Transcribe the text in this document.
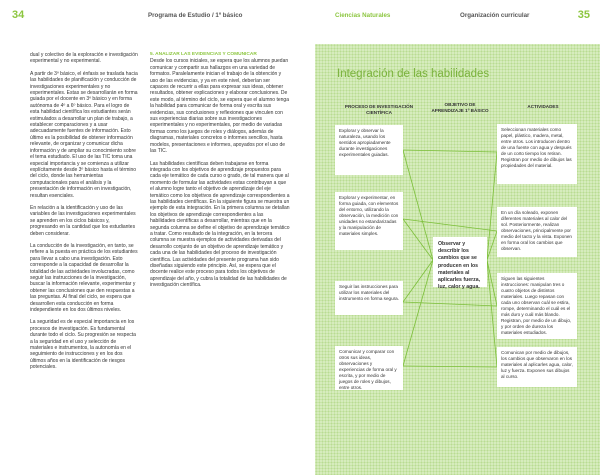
34	35
Programa de Estudio / 1º básico	Ciencias Naturales	Organización curricular

dual y colectivo de la exploración e investigación experimental y no experimental.

A partir de 3º básico, el énfasis se traslada hacia las habilidades de planificación y conducción de investigaciones experimentales y no experimentales. Estas se desarrollarán en forma guiada por el docente en 3º básico y en forma autónoma de 4º a 6º básico. Para el logro de esta habilidad científica los estudiantes serán estimulados a desarrollar un plan de trabajo, a establecer comparaciones y a usar adecuadamente fuentes de información. Esto último es la posibilidad de obtener información relevante, de organizar y comunicar dicha información y de ampliar su conocimiento sobre el tema estudiado. El uso de las TIC toma una especial importancia y se comienza a utilizar explícitamente desde 3º básico hasta el término del ciclo, donde las herramientas computacionales para el análisis y la presentación de información en investigación, resultan esenciales.

En relación a la identificación y uso de las variables de las investigaciones experimentales se aprenden en los ciclos básicos y, progresando en la cantidad que los estudiantes deben considerar.

La conducción de la investigación, en tanto, se refiere a la puesta en práctica de los estudiantes para llevar a cabo una investigación. Esto corresponde a la capacidad de desarrollar la totalidad de las actividades involucradas, como seguir las instrucciones de la investigación, buscar la información relevante, experimentar y obtener las conclusiones que den respuestas a las preguntas. Al final del ciclo, se espera que desarrollen esta conducción en forma independiente en los dos últimos niveles.

La seguridad es de especial importancia en los procesos de investigación. Es fundamental durante todo el ciclo. Su progresión se respecta a la seguridad en el uso y selección de materiales e instrumentos, la autonomía en el seguimiento de instrucciones y en los dos últimos años en la identificación de riesgos potenciales.

5. ANALIZAR LAS EVIDENCIAS Y COMUNICAR

Desde los cursos iniciales, se espera que los alumnos puedan comunicar y compartir sus hallazgos en una variedad de formatos. Paralelamente inician el trabajo de la obtención y uso de las evidencias, y ya en este nivel, deberían ser capaces de recurrir a ellas para expresar sus ideas, obtener resultados, obtener explicaciones y elaborar conclusiones. De este modo, al término del ciclo, se espera que el alumno tenga la habilidad para comunicar de forma oral y escrita sus evidencias, sus conclusiones y reflexiones que vinculen con sus experiencias diarias sobre sus investigaciones experimentales y no experimentales, por medio de variadas formas como los juegos de roles y diálogos, además de diagramas, materiales concretos o informes sencillos, hasta modelos, presentaciones e informes, apoyados por el uso de las TIC.

Las habilidades científicas deben trabajarse en forma integrada con los objetivos de aprendizaje propuestos para cada eje temático de cada curso o grado, de tal manera que al momento de formular las actividades estas contribuyan a que el alumno logre tanto el objetivo de aprendizaje del eje temático como los objetivos de aprendizaje correspondientes a las habilidades científicas. En la siguiente figura se muestra un ejemplo de esta integración. En la primera columna se detallan los objetivos de aprendizaje correspondientes a las habilidades científicas a desarrollar, mientras que en la segunda columna se define el objetivo de aprendizaje temático a tratar. Como resultado de la integración, en la tercera columna se muestra ejemplos de actividades derivadas del desarrollo conjunto de un objetivo de aprendizaje temático y cada una de las habilidades del proceso de investigación científica. Las actividades del presente programa han sido diseñadas siguiendo este principio. Así, se espera que el docente realice este proceso para todos los objetivos de aprendizaje del año, y cubra la totalidad de las habilidades de investigación científica.

Integración de las habilidades
PROCESO DE INVESTIGACIÓN CIENTÍFICA
OBJETIVO DE APRENDIZAJE 1º BÁSICO
ACTIVIDADES
Explorar y observar la naturaleza, usando los sentidos apropiadamente durante investigaciones experimentales guiadas.
Explorar y experimentar, en forma guiada, con elementos del entorno, utilizando la observación, la medición con unidades no estandarizadas y la manipulación de materiales simples.
Seguir las instrucciones para utilizar los materiales del instrumento en forma segura.
Comunicar y comparar con otros sus ideas, observaciones y experiencias de forma oral y escrita, y por medio de juegos de roles y dibujos, entre otros.
Observar y describir los cambios que se producen en los materiales al aplicarles fuerza, luz, calor y agua.
Seleccionan materiales como papel, plástico, madera, metal, entre otros. Los introducen dentro de una fuente con agua y después de un corto tiempo los retiran. Registran por medio de dibujos las propiedades del material.
En un día soleado, exponen diferentes materiales al calor del sol. Posteriormente, realizan observaciones, principalmente por medio del tacto y la vista. Exponen en forma oral los cambios que observan.
Siguen las siguientes instrucciones: manipulan tres o cuatro objetos de distintos materiales. Luego repasan con cada uno observan cuál se estira, rompe, determinando el cuál es el más duro y cuál más blando. Registran, por medio de un dibujo, y por orden de dureza los materiales estudiados.
Comunican por medio de dibujos, los cambios que observaron en los materiales al aplicarles agua, calor, luz y fuerza. Exponen sus dibujos al curso.
